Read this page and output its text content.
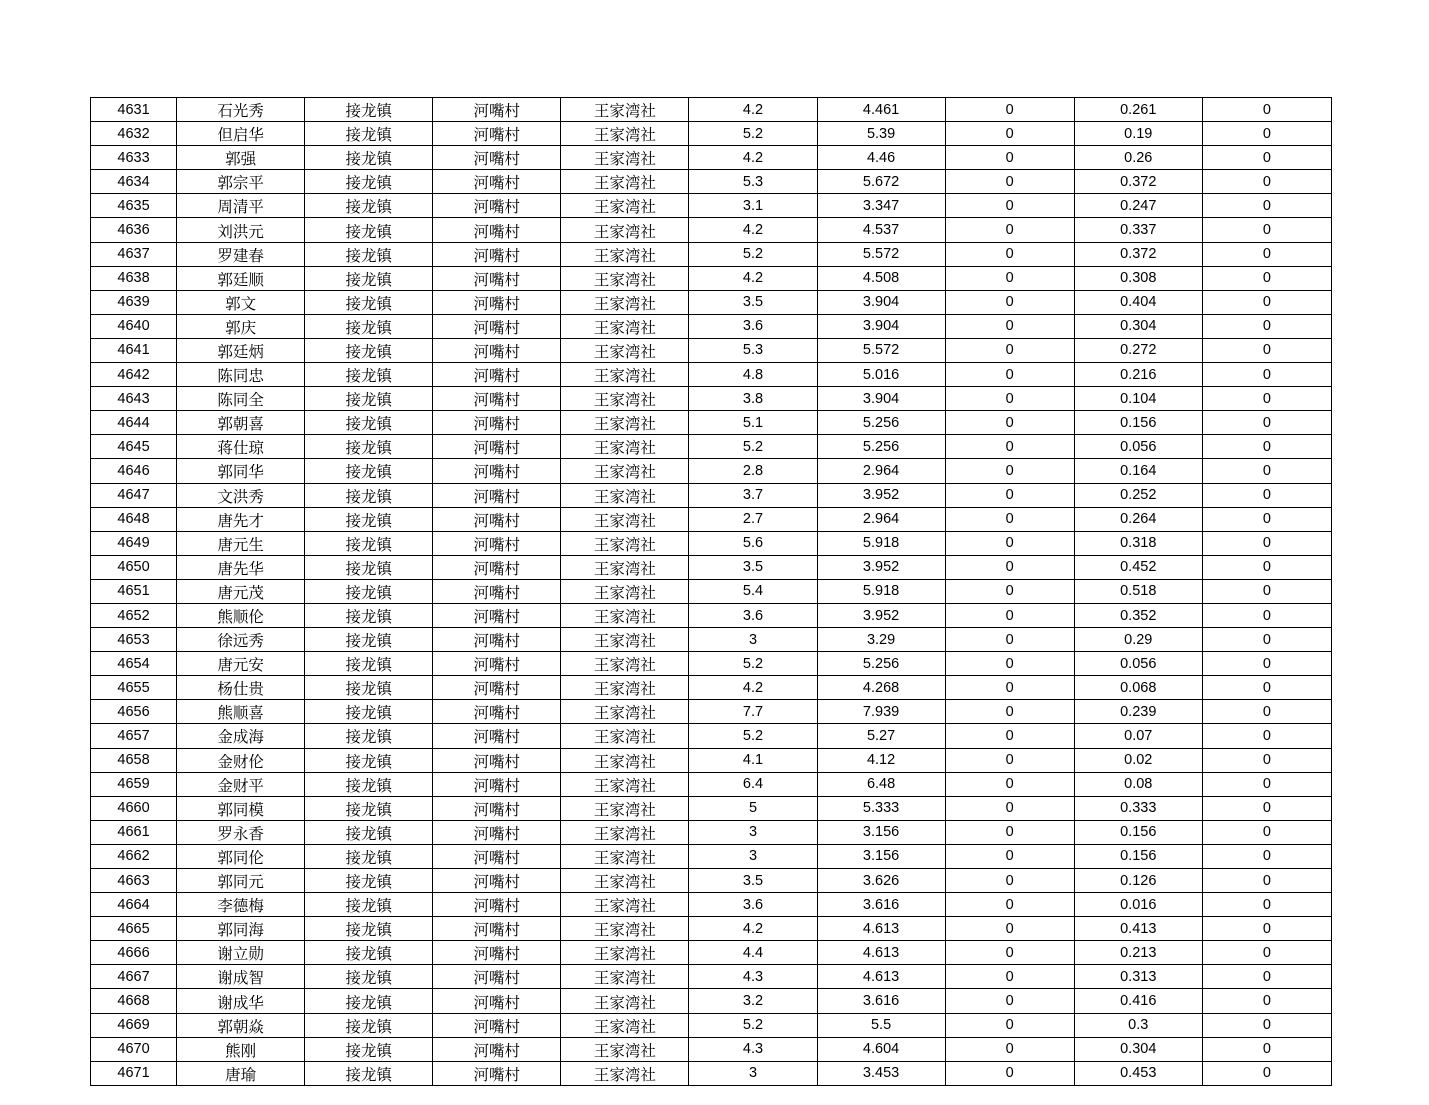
4631	石光秀	接龙镇	河嘴村	王家湾社	4.2	4.461	0	0.261	0
4632	但启华	接龙镇	河嘴村	王家湾社	5.2	5.39	0	0.19	0
4633	郭强	接龙镇	河嘴村	王家湾社	4.2	4.46	0	0.26	0
4634	郭宗平	接龙镇	河嘴村	王家湾社	5.3	5.672	0	0.372	0
4635	周清平	接龙镇	河嘴村	王家湾社	3.1	3.347	0	0.247	0
4636	刘洪元	接龙镇	河嘴村	王家湾社	4.2	4.537	0	0.337	0
4637	罗建春	接龙镇	河嘴村	王家湾社	5.2	5.572	0	0.372	0
4638	郭廷顺	接龙镇	河嘴村	王家湾社	4.2	4.508	0	0.308	0
4639	郭文	接龙镇	河嘴村	王家湾社	3.5	3.904	0	0.404	0
4640	郭庆	接龙镇	河嘴村	王家湾社	3.6	3.904	0	0.304	0
4641	郭廷炳	接龙镇	河嘴村	王家湾社	5.3	5.572	0	0.272	0
4642	陈同忠	接龙镇	河嘴村	王家湾社	4.8	5.016	0	0.216	0
4643	陈同全	接龙镇	河嘴村	王家湾社	3.8	3.904	0	0.104	0
4644	郭朝喜	接龙镇	河嘴村	王家湾社	5.1	5.256	0	0.156	0
4645	蒋仕琼	接龙镇	河嘴村	王家湾社	5.2	5.256	0	0.056	0
4646	郭同华	接龙镇	河嘴村	王家湾社	2.8	2.964	0	0.164	0
4647	文洪秀	接龙镇	河嘴村	王家湾社	3.7	3.952	0	0.252	0
4648	唐先才	接龙镇	河嘴村	王家湾社	2.7	2.964	0	0.264	0
4649	唐元生	接龙镇	河嘴村	王家湾社	5.6	5.918	0	0.318	0
4650	唐先华	接龙镇	河嘴村	王家湾社	3.5	3.952	0	0.452	0
4651	唐元茂	接龙镇	河嘴村	王家湾社	5.4	5.918	0	0.518	0
4652	熊顺伦	接龙镇	河嘴村	王家湾社	3.6	3.952	0	0.352	0
4653	徐远秀	接龙镇	河嘴村	王家湾社	3	3.29	0	0.29	0
4654	唐元安	接龙镇	河嘴村	王家湾社	5.2	5.256	0	0.056	0
4655	杨仕贵	接龙镇	河嘴村	王家湾社	4.2	4.268	0	0.068	0
4656	熊顺喜	接龙镇	河嘴村	王家湾社	7.7	7.939	0	0.239	0
4657	金成海	接龙镇	河嘴村	王家湾社	5.2	5.27	0	0.07	0
4658	金财伦	接龙镇	河嘴村	王家湾社	4.1	4.12	0	0.02	0
4659	金财平	接龙镇	河嘴村	王家湾社	6.4	6.48	0	0.08	0
4660	郭同模	接龙镇	河嘴村	王家湾社	5	5.333	0	0.333	0
4661	罗永香	接龙镇	河嘴村	王家湾社	3	3.156	0	0.156	0
4662	郭同伦	接龙镇	河嘴村	王家湾社	3	3.156	0	0.156	0
4663	郭同元	接龙镇	河嘴村	王家湾社	3.5	3.626	0	0.126	0
4664	李德梅	接龙镇	河嘴村	王家湾社	3.6	3.616	0	0.016	0
4665	郭同海	接龙镇	河嘴村	王家湾社	4.2	4.613	0	0.413	0
4666	谢立勋	接龙镇	河嘴村	王家湾社	4.4	4.613	0	0.213	0
4667	谢成智	接龙镇	河嘴村	王家湾社	4.3	4.613	0	0.313	0
4668	谢成华	接龙镇	河嘴村	王家湾社	3.2	3.616	0	0.416	0
4669	郭朝焱	接龙镇	河嘴村	王家湾社	5.2	5.5	0	0.3	0
4670	熊刚	接龙镇	河嘴村	王家湾社	4.3	4.604	0	0.304	0
4671	唐瑜	接龙镇	河嘴村	王家湾社	3	3.453	0	0.453	0
